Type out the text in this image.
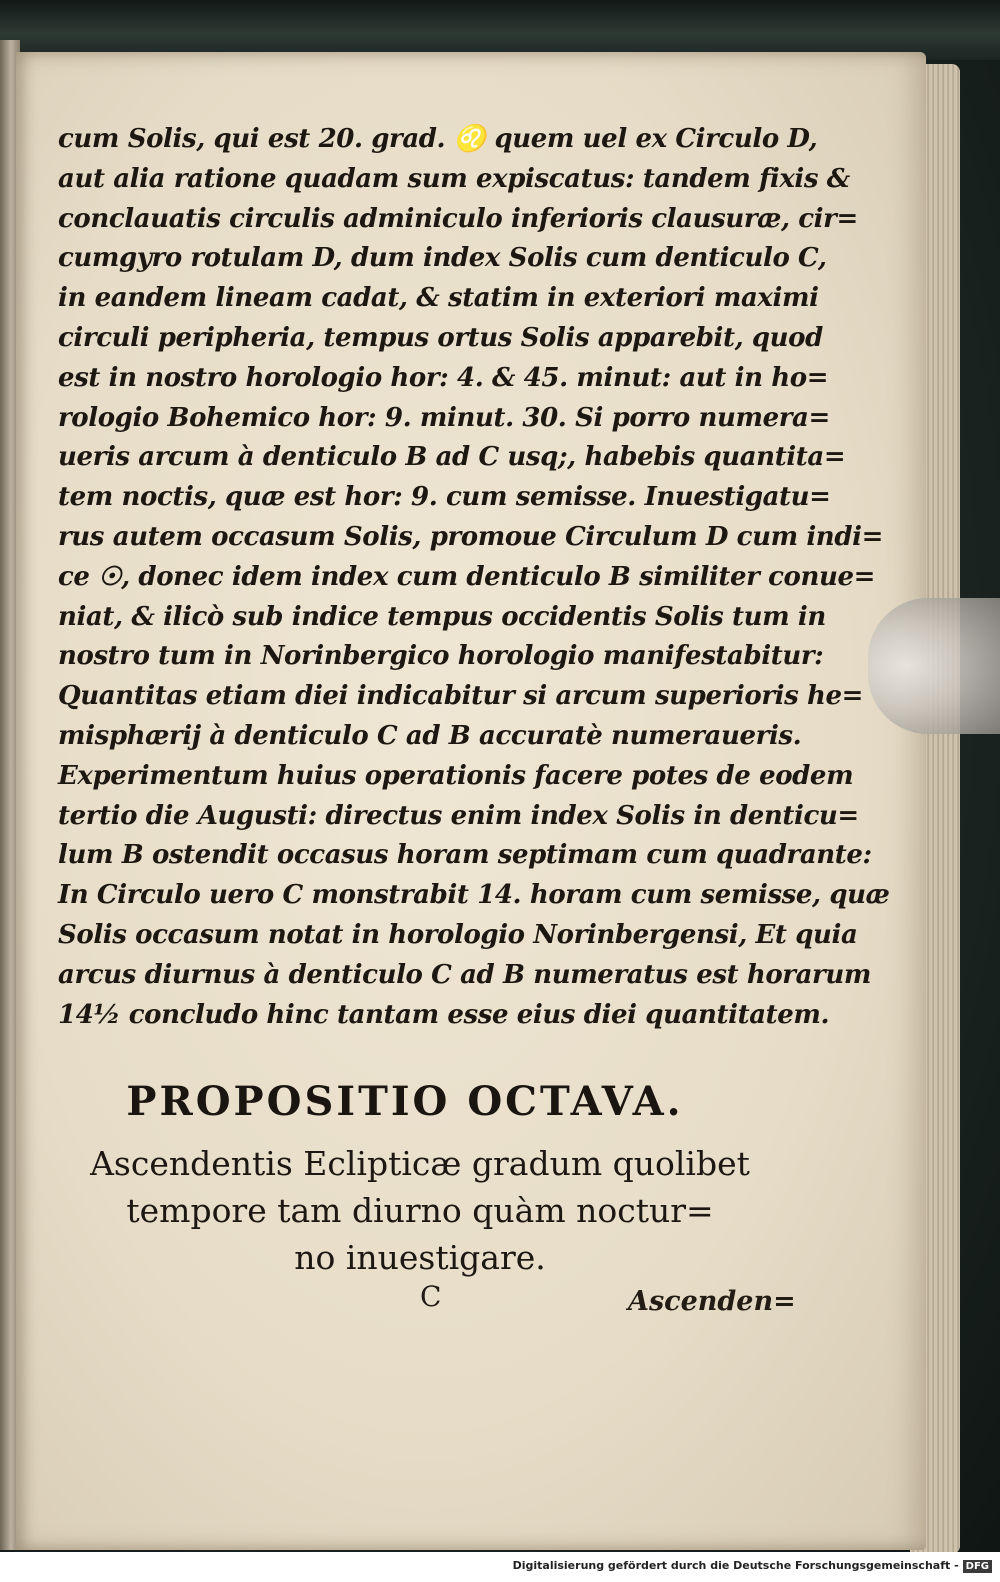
cum Solis, qui est 20. grad. ♌ quem uel ex Circulo D,
aut alia ratione quadam sum expiscatus: tandem fixis &
conclauatis circulis adminiculo inferioris clausuræ, cir=
cumgyro rotulam D, dum index Solis cum denticulo C,
in eandem lineam cadat, & statim in exteriori maximi
circuli peripheria, tempus ortus Solis apparebit, quod
est in nostro horologio hor: 4. & 45. minut: aut in ho=
rologio Bohemico hor: 9. minut. 30. Si porro numera=
ueris arcum à denticulo B ad C usq;, habebis quantita=
tem noctis, quæ est hor: 9. cum semisse. Inuestigatu=
rus autem occasum Solis, promoue Circulum D cum indi=
ce ☉, donec idem index cum denticulo B similiter conue=
niat, & ilicò sub indice tempus occidentis Solis tum in
nostro tum in Norinbergico horologio manifestabitur:
Quantitas etiam diei indicabitur si arcum superioris he=
misphærij à denticulo C ad B accuratè numeraueris.
Experimentum huius operationis facere potes de eodem
tertio die Augusti: directus enim index Solis in denticu=
lum B ostendit occasus horam septimam cum quadrante:
In Circulo uero C monstrabit 14. horam cum semisse, quæ
Solis occasum notat in horologio Norinbergensi, Et quia
arcus diurnus à denticulo C ad B numeratus est horarum
14½ concludo hinc tantam esse eius diei quantitatem.
PROPOSITIO OCTAVA.
Ascendentis Eclipticæ gradum quolibet
tempore tam diurno quàm noctur=
no inuestigare.
C	Ascenden=
Digitalisierung gefördert durch die Deutsche Forschungsgemeinschaft - DFG
